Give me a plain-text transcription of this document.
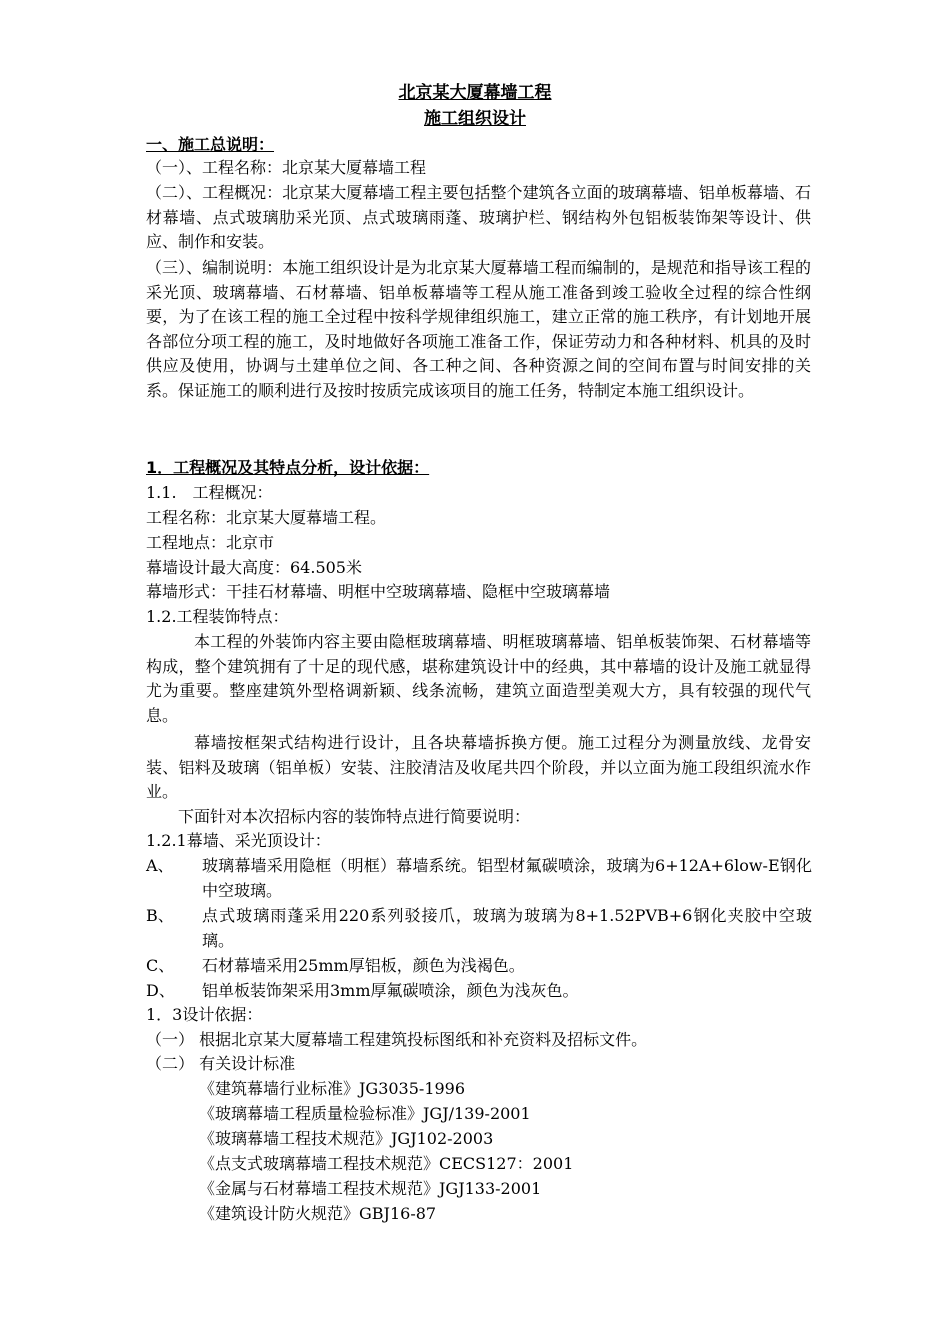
北京某大厦幕墙工程
施工组织设计
一、施工总说明：
（一）、工程名称：北京某大厦幕墙工程
（二）、工程概况：北京某大厦幕墙工程主要包括整个建筑各立面的玻璃幕墙、铝单板幕墙、石材幕墙、点式玻璃肋采光顶、点式玻璃雨蓬、玻璃护栏、钢结构外包铝板装饰架等设计、供应、制作和安装。
（三）、编制说明：本施工组织设计是为北京某大厦幕墙工程而编制的，是规范和指导该工程的采光顶、玻璃幕墙、石材幕墙、铝单板幕墙等工程从施工准备到竣工验收全过程的综合性纲要，为了在该工程的施工全过程中按科学规律组织施工，建立正常的施工秩序，有计划地开展各部位分项工程的施工，及时地做好各项施工准备工作，保证劳动力和各种材料、机具的及时供应及使用，协调与土建单位之间、各工种之间、各种资源之间的空间布置与时间安排的关系。保证施工的顺利进行及按时按质完成该项目的施工任务，特制定本施工组织设计。
1．工程概况及其特点分析，设计依据：
1.1.　工程概况：
工程名称：北京某大厦幕墙工程。
工程地点：北京市
幕墙设计最大高度：64.505米
幕墙形式：干挂石材幕墙、明框中空玻璃幕墙、隐框中空玻璃幕墙
1.2.工程装饰特点：
本工程的外装饰内容主要由隐框玻璃幕墙、明框玻璃幕墙、铝单板装饰架、石材幕墙等构成，整个建筑拥有了十足的现代感，堪称建筑设计中的经典，其中幕墙的设计及施工就显得尤为重要。整座建筑外型格调新颖、线条流畅，建筑立面造型美观大方，具有较强的现代气息。
幕墙按框架式结构进行设计，且各块幕墙拆换方便。施工过程分为测量放线、龙骨安装、铝料及玻璃（铝单板）安装、注胶清洁及收尾共四个阶段，并以立面为施工段组织流水作业。
下面针对本次招标内容的装饰特点进行简要说明：
1.2.1幕墙、采光顶设计：
A、 玻璃幕墙采用隐框（明框）幕墙系统。铝型材氟碳喷涂，玻璃为6+12A+6low-E钢化中空玻璃。
B、 点式玻璃雨蓬采用220系列驳接爪，玻璃为玻璃为8+1.52PVB+6钢化夹胶中空玻璃。
C、 石材幕墙采用25mm厚铝板，颜色为浅褐色。
D、 铝单板装饰架采用3mm厚氟碳喷涂，颜色为浅灰色。
1．3设计依据：
（一） 根据北京某大厦幕墙工程建筑投标图纸和补充资料及招标文件。
（二） 有关设计标准
《建筑幕墙行业标准》JG3035-1996
《玻璃幕墙工程质量检验标准》JGJ/139-2001
《玻璃幕墙工程技术规范》JGJ102-2003
《点支式玻璃幕墙工程技术规范》CECS127：2001
《金属与石材幕墙工程技术规范》JGJ133-2001
《建筑设计防火规范》GBJ16-87
